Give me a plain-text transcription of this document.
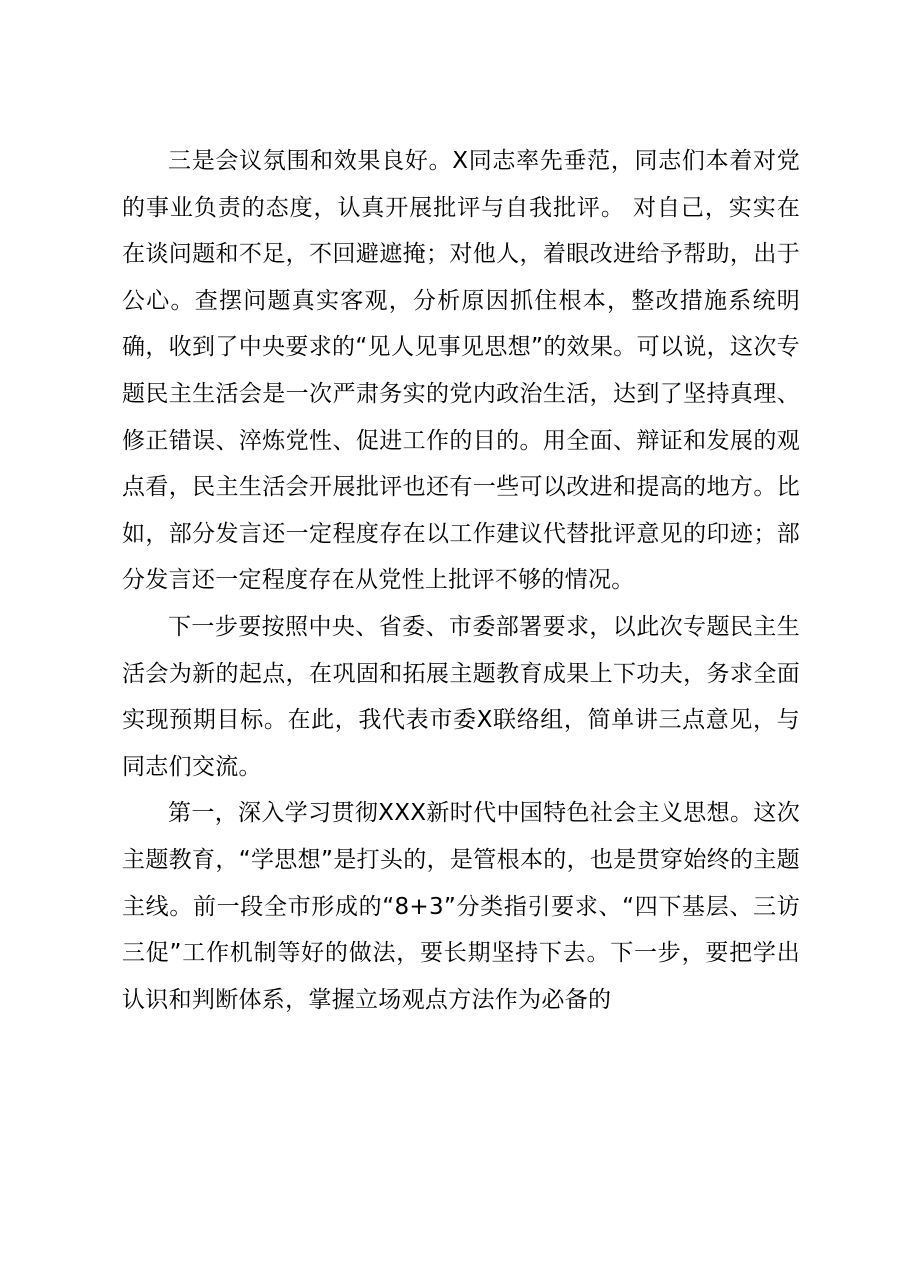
三是会议氛围和效果良好。X同志率先垂范，同志们本着对党的事业负责的态度，认真开展批评与自我批评。 对自己，实实在在谈问题和不足，不回避遮掩；对他人，着眼改进给予帮助，出于公心。查摆问题真实客观，分析原因抓住根本，整改措施系统明确，收到了中央要求的“见人见事见思想”的效果。可以说，这次专题民主生活会是一次严肃务实的党内政治生活，达到了坚持真理、修正错误、淬炼党性、促进工作的目的。用全面、辩证和发展的观点看，民主生活会开展批评也还有一些可以改进和提高的地方。比如，部分发言还一定程度存在以工作建议代替批评意见的印迹；部分发言还一定程度存在从党性上批评不够的情况。

下一步要按照中央、省委、市委部署要求，以此次专题民主生活会为新的起点，在巩固和拓展主题教育成果上下功夫，务求全面实现预期目标。在此，我代表市委X联络组，简单讲三点意见，与同志们交流。

第一，深入学习贯彻XXX新时代中国特色社会主义思想。这次主题教育，“学思想”是打头的，是管根本的，也是贯穿始终的主题主线。前一段全市形成的“8+3”分类指引要求、“四下基层、三访三促”工作机制等好的做法，要长期坚持下去。下一步，要把学出认识和判断体系，掌握立场观点方法作为必备的
